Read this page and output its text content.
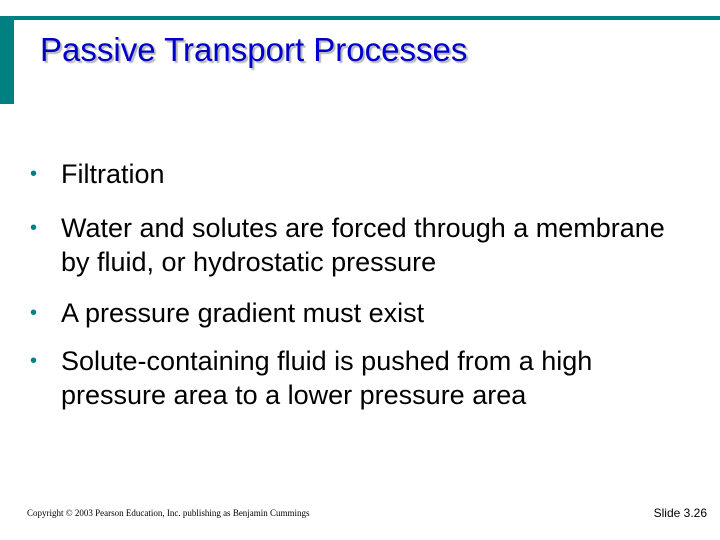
Passive Transport Processes
• Filtration
• Water and solutes are forced through a membrane by fluid, or hydrostatic pressure
• A pressure gradient must exist
• Solute-containing fluid is pushed from a high pressure area to a lower pressure area
Copyright © 2003 Pearson Education, Inc. publishing as Benjamin Cummings	Slide 3.26
